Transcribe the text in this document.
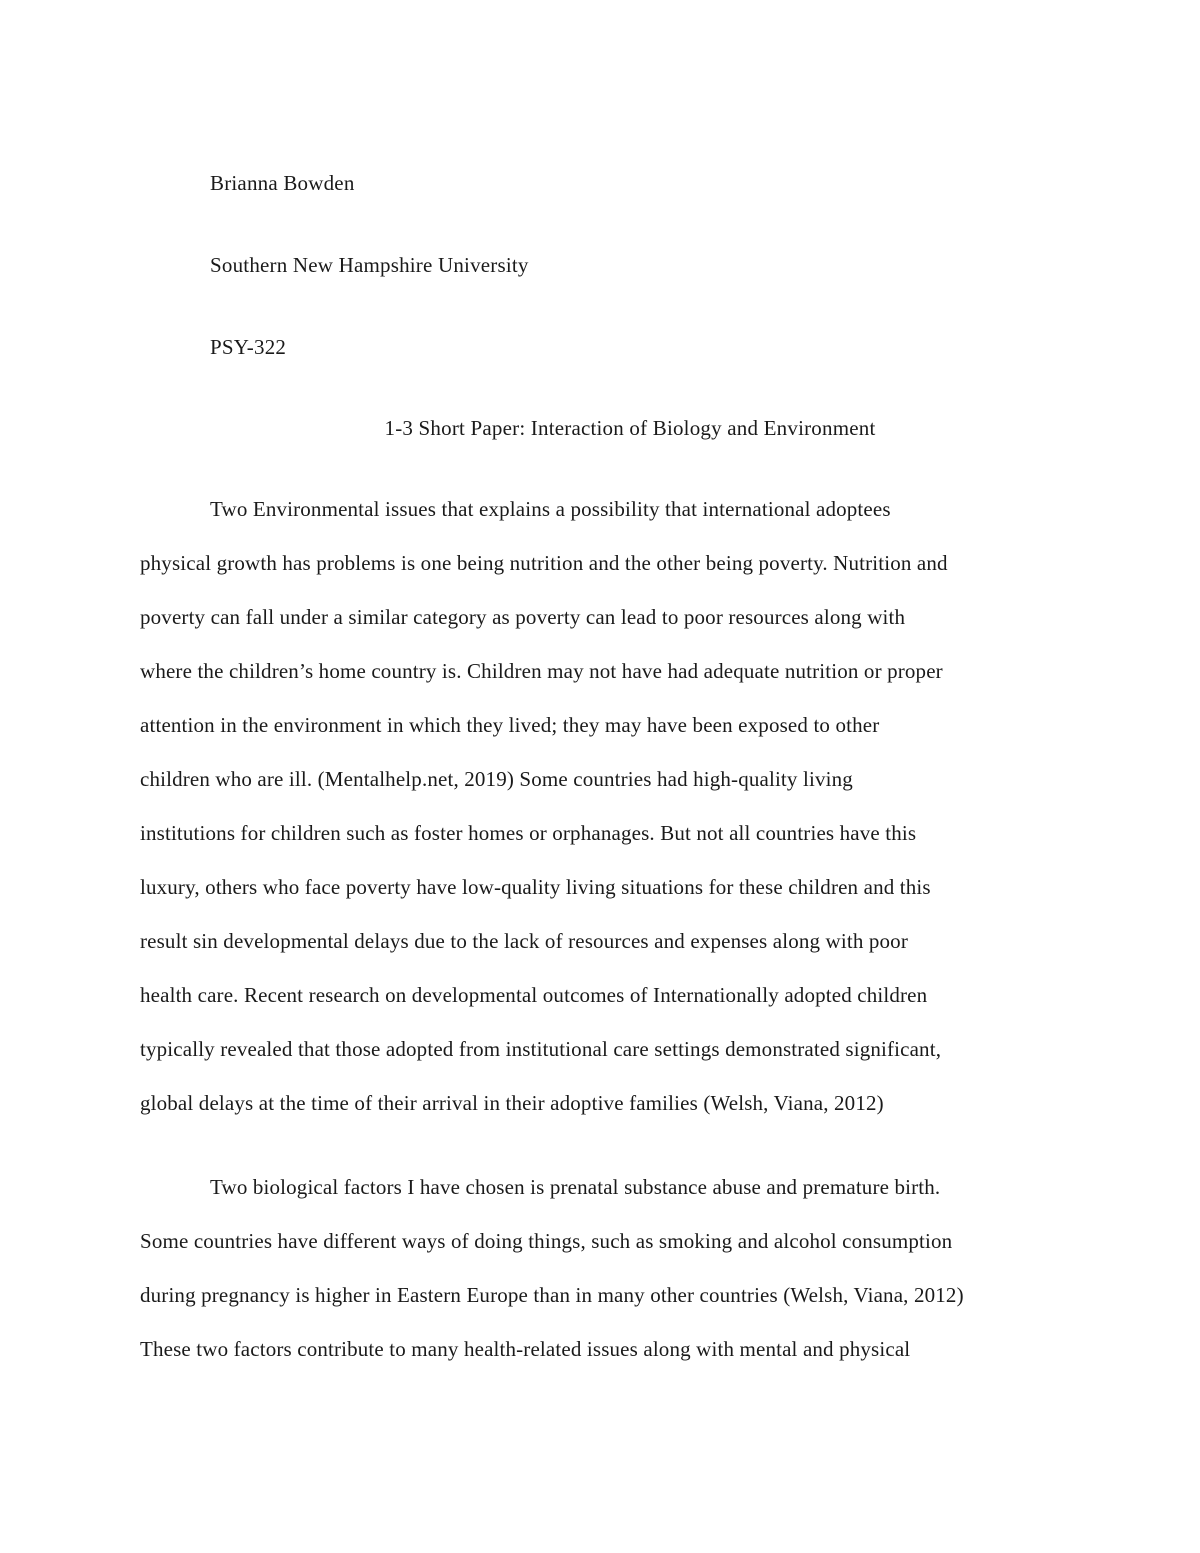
Brianna Bowden
Southern New Hampshire University
PSY-322
1-3 Short Paper: Interaction of Biology and Environment
Two Environmental issues that explains a possibility that international adoptees
physical growth has problems is one being nutrition and the other being poverty. Nutrition and
poverty can fall under a similar category as poverty can lead to poor resources along with
where the children’s home country is. Children may not have had adequate nutrition or proper
attention in the environment in which they lived; they may have been exposed to other
children who are ill. (Mentalhelp.net, 2019) Some countries had high-quality living
institutions for children such as foster homes or orphanages. But not all countries have this
luxury, others who face poverty have low-quality living situations for these children and this
result sin developmental delays due to the lack of resources and expenses along with poor
health care. Recent research on developmental outcomes of Internationally adopted children
typically revealed that those adopted from institutional care settings demonstrated significant,
global delays at the time of their arrival in their adoptive families (Welsh, Viana, 2012)
Two biological factors I have chosen is prenatal substance abuse and premature birth.
Some countries have different ways of doing things, such as smoking and alcohol consumption
during pregnancy is higher in Eastern Europe than in many other countries (Welsh, Viana, 2012)
These two factors contribute to many health-related issues along with mental and physical
